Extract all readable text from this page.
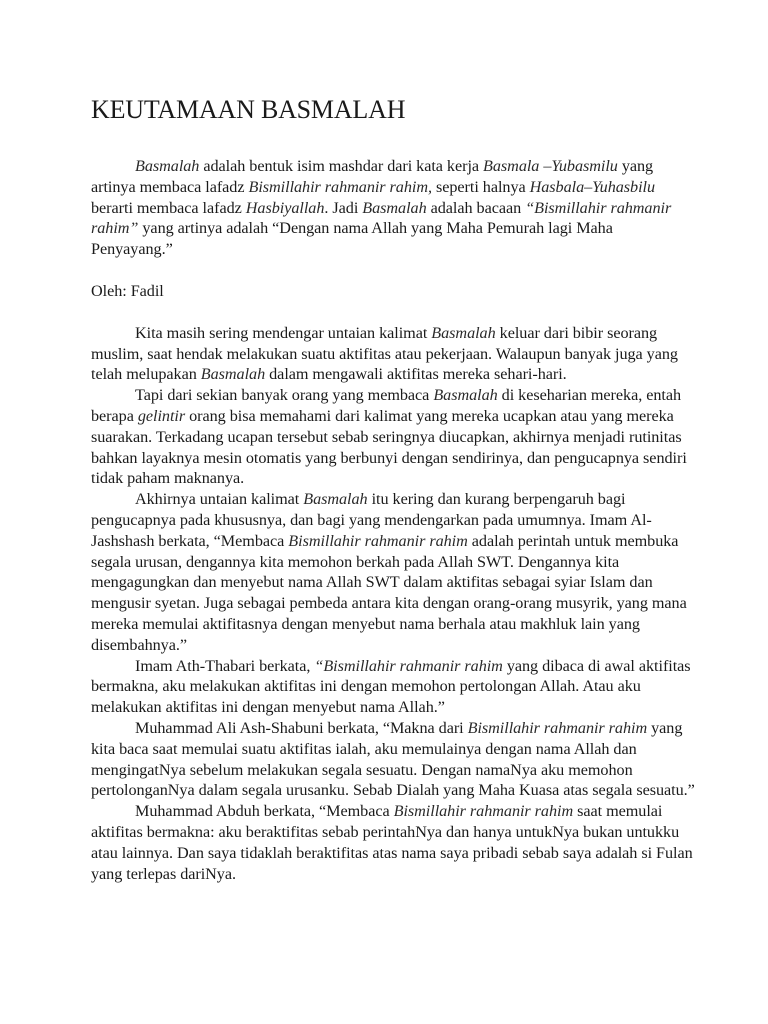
KEUTAMAAN BASMALAH

Basmalah adalah bentuk isim mashdar dari kata kerja Basmala –Yubasmilu yang artinya membaca lafadz Bismillahir rahmanir rahim, seperti halnya Hasbala–Yuhasbilu berarti membaca lafadz Hasbiyallah. Jadi Basmalah adalah bacaan “Bismillahir rahmanir rahim” yang artinya adalah “Dengan nama Allah yang Maha Pemurah lagi Maha Penyayang.”

Oleh: Fadil

Kita masih sering mendengar untaian kalimat Basmalah keluar dari bibir seorang muslim, saat hendak melakukan suatu aktifitas atau pekerjaan. Walaupun banyak juga yang telah melupakan Basmalah dalam mengawali aktifitas mereka sehari-hari.

Tapi dari sekian banyak orang yang membaca Basmalah di keseharian mereka, entah berapa gelintir orang bisa memahami dari kalimat yang mereka ucapkan atau yang mereka suarakan. Terkadang ucapan tersebut sebab seringnya diucapkan, akhirnya menjadi rutinitas bahkan layaknya mesin otomatis yang berbunyi dengan sendirinya, dan pengucapnya sendiri tidak paham maknanya.

Akhirnya untaian kalimat Basmalah itu kering dan kurang berpengaruh bagi pengucapnya pada khususnya, dan bagi yang mendengarkan pada umumnya. Imam Al-Jashshash berkata, “Membaca Bismillahir rahmanir rahim adalah perintah untuk membuka segala urusan, dengannya kita memohon berkah pada Allah SWT. Dengannya kita mengagungkan dan menyebut nama Allah SWT dalam aktifitas sebagai syiar Islam dan mengusir syetan. Juga sebagai pembeda antara kita dengan orang-orang musyrik, yang mana mereka memulai aktifitasnya dengan menyebut nama berhala atau makhluk lain yang disembahnya.”

Imam Ath-Thabari berkata, “Bismillahir rahmanir rahim yang dibaca di awal aktifitas bermakna, aku melakukan aktifitas ini dengan memohon pertolongan Allah. Atau aku melakukan aktifitas ini dengan menyebut nama Allah.”

Muhammad Ali Ash-Shabuni berkata, “Makna dari Bismillahir rahmanir rahim yang kita baca saat memulai suatu aktifitas ialah, aku memulainya dengan nama Allah dan mengingatNya sebelum melakukan segala sesuatu. Dengan namaNya aku memohon pertolonganNya dalam segala urusanku. Sebab Dialah yang Maha Kuasa atas segala sesuatu.”

Muhammad Abduh berkata, “Membaca Bismillahir rahmanir rahim saat memulai aktifitas bermakna: aku beraktifitas sebab perintahNya dan hanya untukNya bukan untukku atau lainnya. Dan saya tidaklah beraktifitas atas nama saya pribadi sebab saya adalah si Fulan yang terlepas dariNya.
